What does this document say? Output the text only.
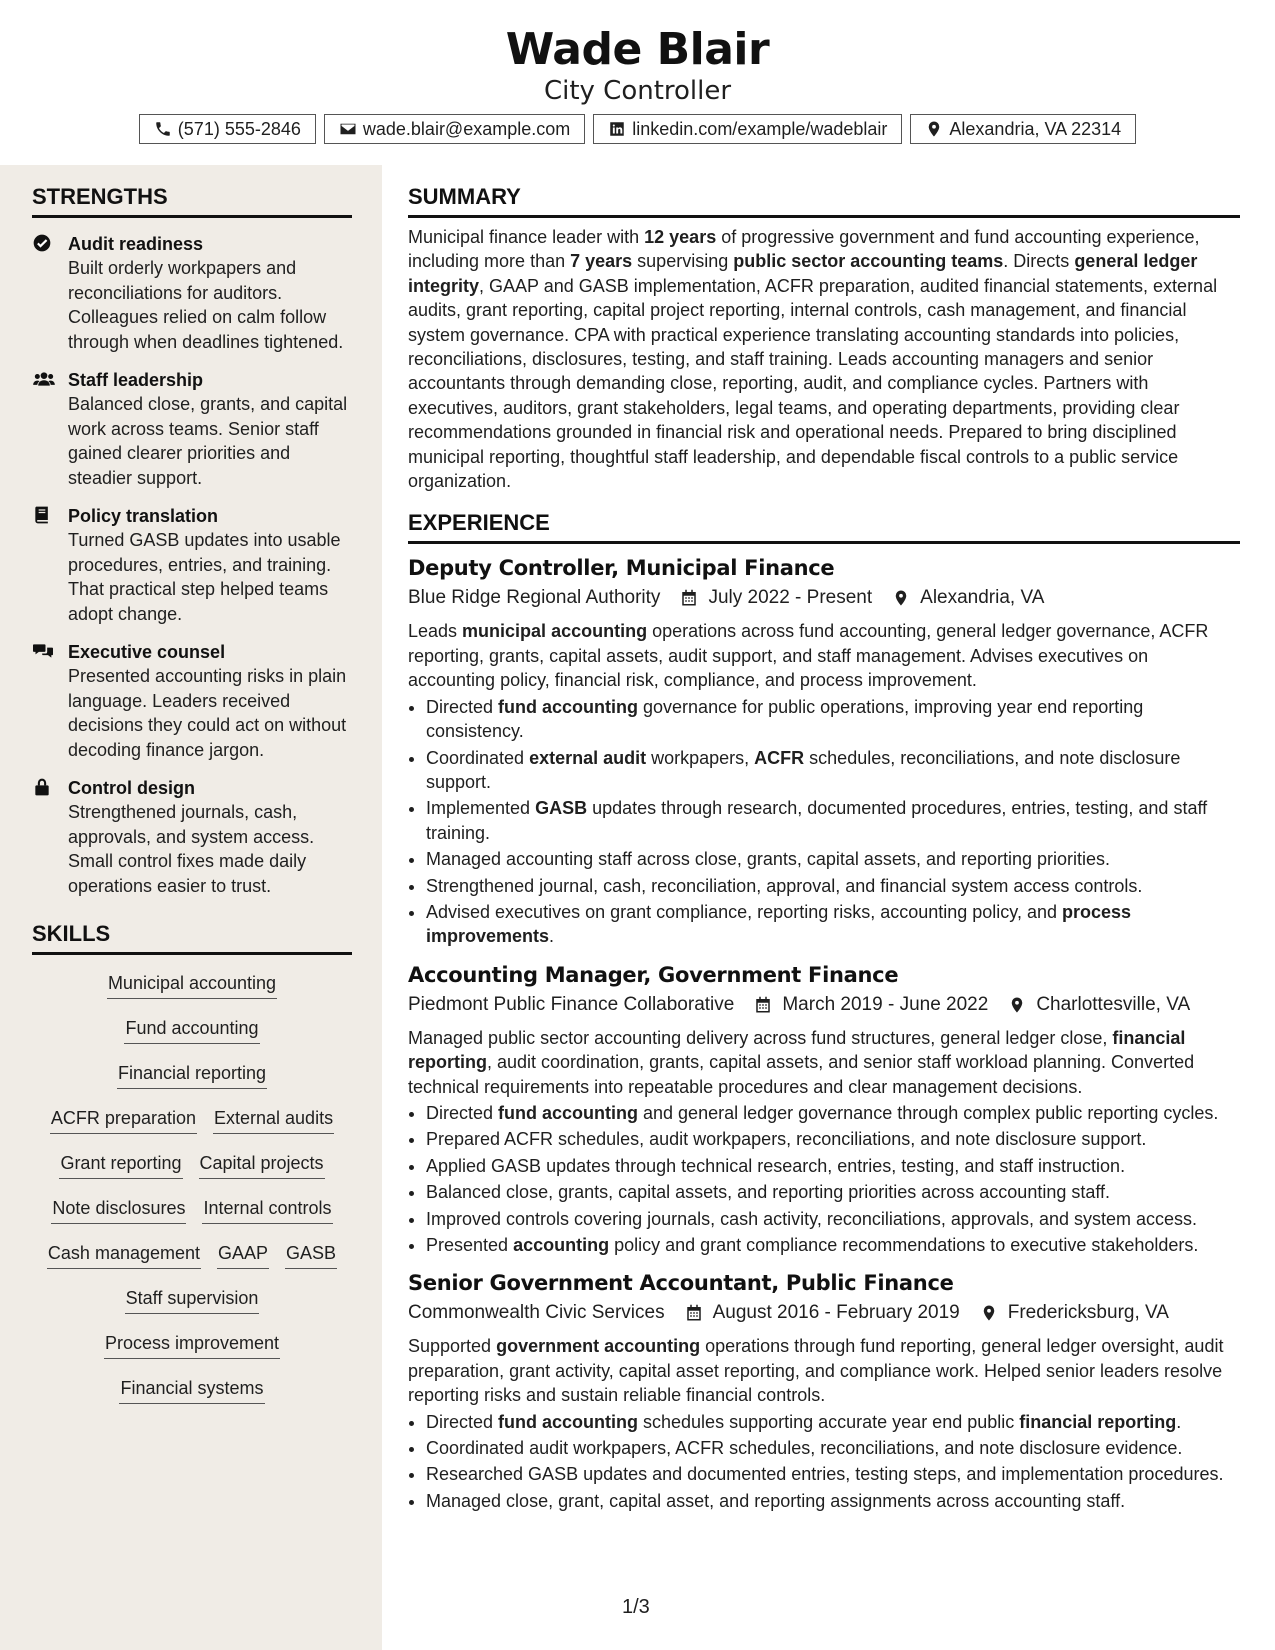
Wade Blair
City Controller
(571) 555-2846	wade.blair@example.com	linkedin.com/example/wadeblair	Alexandria, VA 22314
STRENGTHS
Audit readiness
Built orderly workpapers and reconciliations for auditors. Colleagues relied on calm follow through when deadlines tightened.
Staff leadership
Balanced close, grants, and capital work across teams. Senior staff gained clearer priorities and steadier support.
Policy translation
Turned GASB updates into usable procedures, entries, and training. That practical step helped teams adopt change.
Executive counsel
Presented accounting risks in plain language. Leaders received decisions they could act on without decoding finance jargon.
Control design
Strengthened journals, cash, approvals, and system access. Small control fixes made daily operations easier to trust.
SKILLS
Municipal accounting
Fund accounting
Financial reporting
ACFR preparation External audits
Grant reporting Capital projects
Note disclosures Internal controls
Cash management GAAP GASB
Staff supervision
Process improvement
Financial systems
SUMMARY
Municipal finance leader with 12 years of progressive government and fund accounting experience, including more than 7 years supervising public sector accounting teams. Directs general ledger integrity, GAAP and GASB implementation, ACFR preparation, audited financial statements, external audits, grant reporting, capital project reporting, internal controls, cash management, and financial system governance. CPA with practical experience translating accounting standards into policies, reconciliations, disclosures, testing, and staff training. Leads accounting managers and senior accountants through demanding close, reporting, audit, and compliance cycles. Partners with executives, auditors, grant stakeholders, legal teams, and operating departments, providing clear recommendations grounded in financial risk and operational needs. Prepared to bring disciplined municipal reporting, thoughtful staff leadership, and dependable fiscal controls to a public service organization.
EXPERIENCE
Deputy Controller, Municipal Finance
Blue Ridge Regional Authority	July 2022 - Present	Alexandria, VA
Leads municipal accounting operations across fund accounting, general ledger governance, ACFR reporting, grants, capital assets, audit support, and staff management. Advises executives on accounting policy, financial risk, compliance, and process improvement.
• Directed fund accounting governance for public operations, improving year end reporting consistency.
• Coordinated external audit workpapers, ACFR schedules, reconciliations, and note disclosure support.
• Implemented GASB updates through research, documented procedures, entries, testing, and staff training.
• Managed accounting staff across close, grants, capital assets, and reporting priorities.
• Strengthened journal, cash, reconciliation, approval, and financial system access controls.
• Advised executives on grant compliance, reporting risks, accounting policy, and process improvements.
Accounting Manager, Government Finance
Piedmont Public Finance Collaborative	March 2019 - June 2022	Charlottesville, VA
Managed public sector accounting delivery across fund structures, general ledger close, financial reporting, audit coordination, grants, capital assets, and senior staff workload planning. Converted technical requirements into repeatable procedures and clear management decisions.
• Directed fund accounting and general ledger governance through complex public reporting cycles.
• Prepared ACFR schedules, audit workpapers, reconciliations, and note disclosure support.
• Applied GASB updates through technical research, entries, testing, and staff instruction.
• Balanced close, grants, capital assets, and reporting priorities across accounting staff.
• Improved controls covering journals, cash activity, reconciliations, approvals, and system access.
• Presented accounting policy and grant compliance recommendations to executive stakeholders.
Senior Government Accountant, Public Finance
Commonwealth Civic Services	August 2016 - February 2019	Fredericksburg, VA
Supported government accounting operations through fund reporting, general ledger oversight, audit preparation, grant activity, capital asset reporting, and compliance work. Helped senior leaders resolve reporting risks and sustain reliable financial controls.
• Directed fund accounting schedules supporting accurate year end public financial reporting.
• Coordinated audit workpapers, ACFR schedules, reconciliations, and note disclosure evidence.
• Researched GASB updates and documented entries, testing steps, and implementation procedures.
• Managed close, grant, capital asset, and reporting assignments across accounting staff.
1/3
